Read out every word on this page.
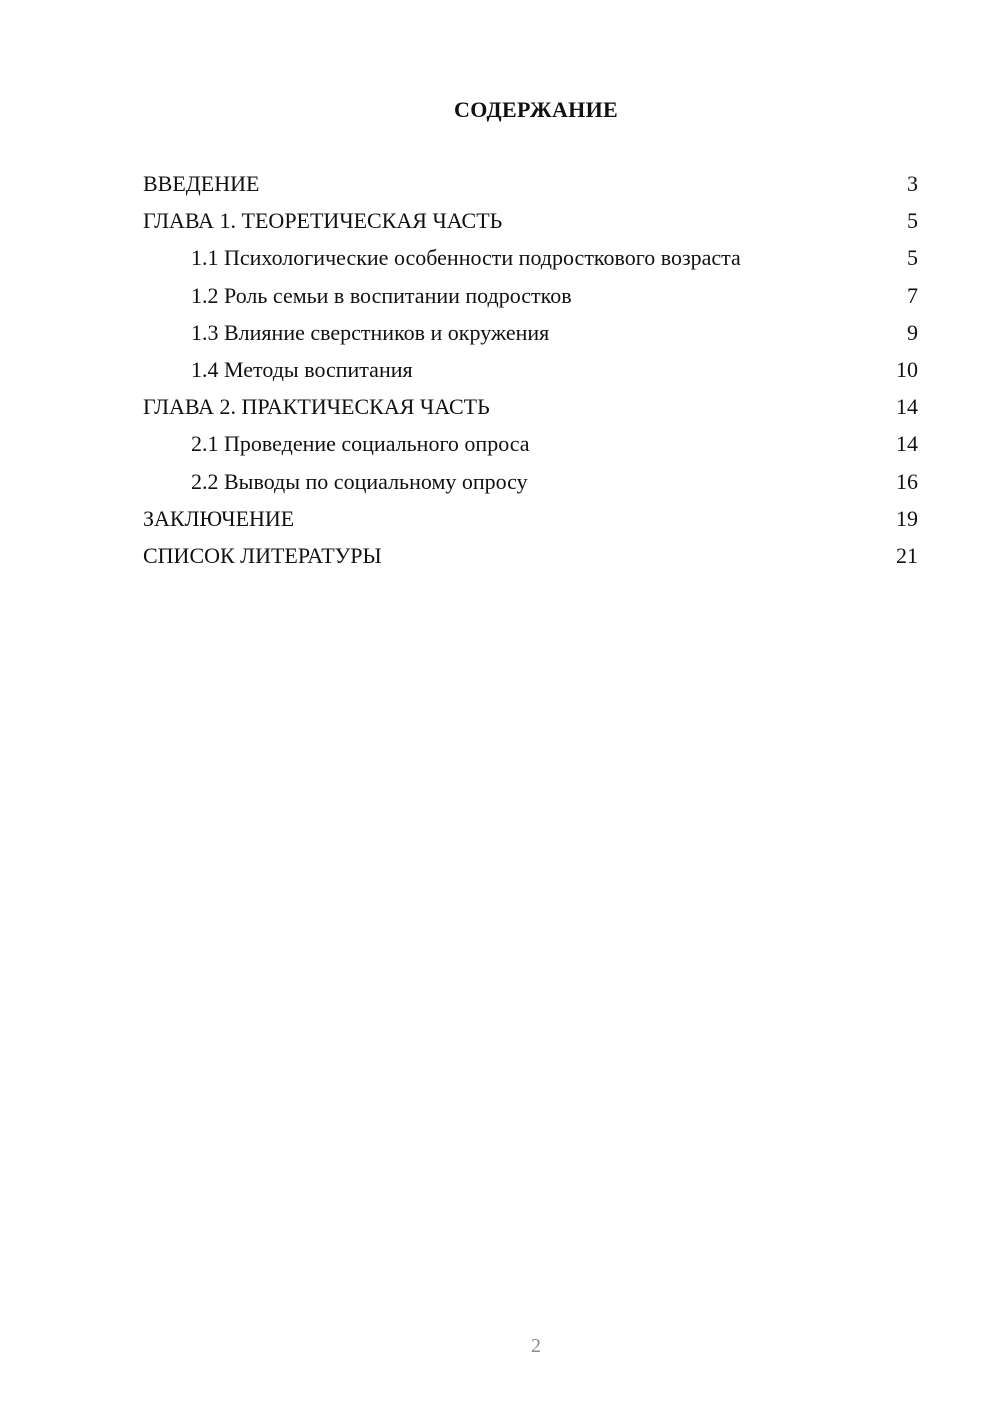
СОДЕРЖАНИЕ
ВВЕДЕНИЕ	3
ГЛАВА 1. ТЕОРЕТИЧЕСКАЯ ЧАСТЬ	5
1.1 Психологические особенности подросткового возраста	5
1.2 Роль семьи в воспитании подростков	7
1.3 Влияние сверстников и окружения	9
1.4 Методы воспитания	10
ГЛАВА 2. ПРАКТИЧЕСКАЯ ЧАСТЬ	14
2.1 Проведение социального опроса	14
2.2 Выводы по социальному опросу	16
ЗАКЛЮЧЕНИЕ	19
СПИСОК ЛИТЕРАТУРЫ	21
2
